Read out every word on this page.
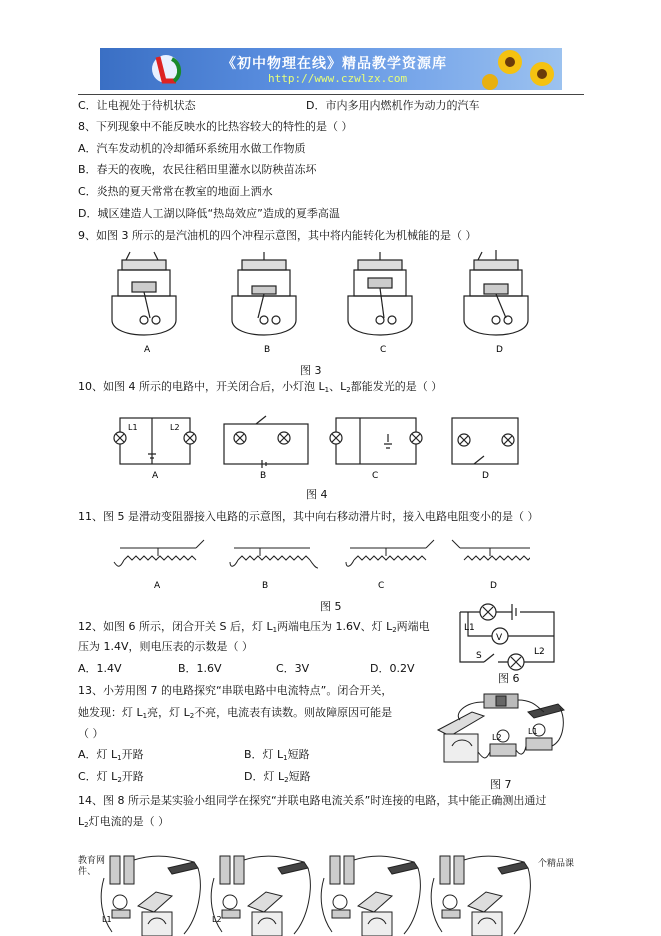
《初中物理在线》精品教学资源库
http://www.czwlzx.com
C．让电视处于待机状态	D．市内多用内燃机作为动力的汽车
8、下列现象中不能反映水的比热容较大的特性的是（ ）
A．汽车发动机的冷却循环系统用水做工作物质
B．春天的夜晚，农民往稻田里灌水以防秧苗冻坏
C．炎热的夏天常常在教室的地面上洒水
D．城区建造人工湖以降低“热岛效应”造成的夏季高温
9、如图 3 所示的是汽油机的四个冲程示意图，其中将内能转化为机械能的是（ ）
A	B	C	D
图 3
10、如图 4 所示的电路中，开关闭合后，小灯泡 $L_1$、$L_2$都能发光的是（ ）
L1	L2
A	B	C	D
图 4
11、图 5 是滑动变阻器接入电路的示意图，其中向右移动滑片时，接入电路电阻变小的是（ ）
A	B	C	D
图 5
12、如图 6 所示，闭合开关 S 后，灯 $L_1$两端电压为 1.6V、灯 $L_2$两端电
压为 1.4V，则电压表的示数是（ ）
A．1.4V	B．1.6V	C．3V	D．0.2V
L1
V
S	L2
图 6
13、小芳用图 7 的电路探究“串联电路中电流特点”。闭合开关，
她发现：灯 $L_1$亮，灯 $L_2$不亮，电流表有读数。则故障原因可能是
（ ）
A．灯 $L_1$开路	B．灯 $L_1$短路
C．灯 $L_2$开路	D．灯 $L_2$短路
L2
L1
图 7
14、图 8 所示是某实验小组同学在探究“并联电路电流关系”时连接的电路，其中能正确测出通过
$L_2$灯电流的是（ ）
教育网
件、
个精品课
L1	L2
